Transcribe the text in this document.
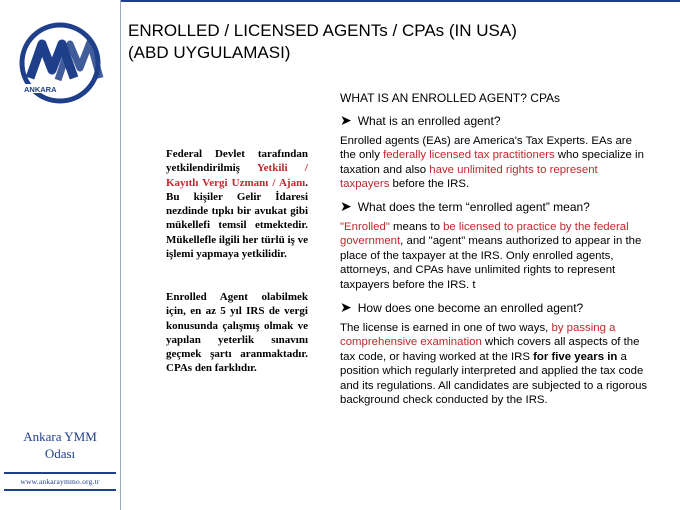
ANKARA
Ankara YMM
Odası
www.ankaraymmo.org.tr
ENROLLED / LICENSED AGENTs / CPAs (IN USA)
(ABD UYGULAMASI)
Federal Devlet tarafından yetkilendirilmiş Yetkili / Kayıtlı Vergi Uzmanı / Ajanı. Bu kişiler Gelir İdaresi nezdinde tıpkı bir avukat gibi mükellefi temsil etmektedir. Mükellefle ilgili her türlü iş ve işlemi yapmaya yetkilidir.
Enrolled Agent olabilmek için, en az 5 yıl IRS de vergi konusunda çalışmış olmak ve yapılan yeterlik sınavını geçmek şartı aranmaktadır. CPAs den farklıdır.
WHAT IS AN ENROLLED AGENT? CPAs
➤ What is an enrolled agent?
Enrolled agents (EAs) are America's Tax Experts. EAs are the only federally licensed tax practitioners who specialize in taxation and also have unlimited rights to represent taxpayers before the IRS.
➤ What does the term “enrolled agent” mean?
"Enrolled" means to be licensed to practice by the federal government, and "agent" means authorized to appear in the place of the taxpayer at the IRS. Only enrolled agents, attorneys, and CPAs have unlimited rights to represent taxpayers before the IRS. t
➤ How does one become an enrolled agent?
The license is earned in one of two ways, by passing a comprehensive examination which covers all aspects of the tax code, or having worked at the IRS for five years in a position which regularly interpreted and applied the tax code and its regulations. All candidates are subjected to a rigorous background check conducted by the IRS.
